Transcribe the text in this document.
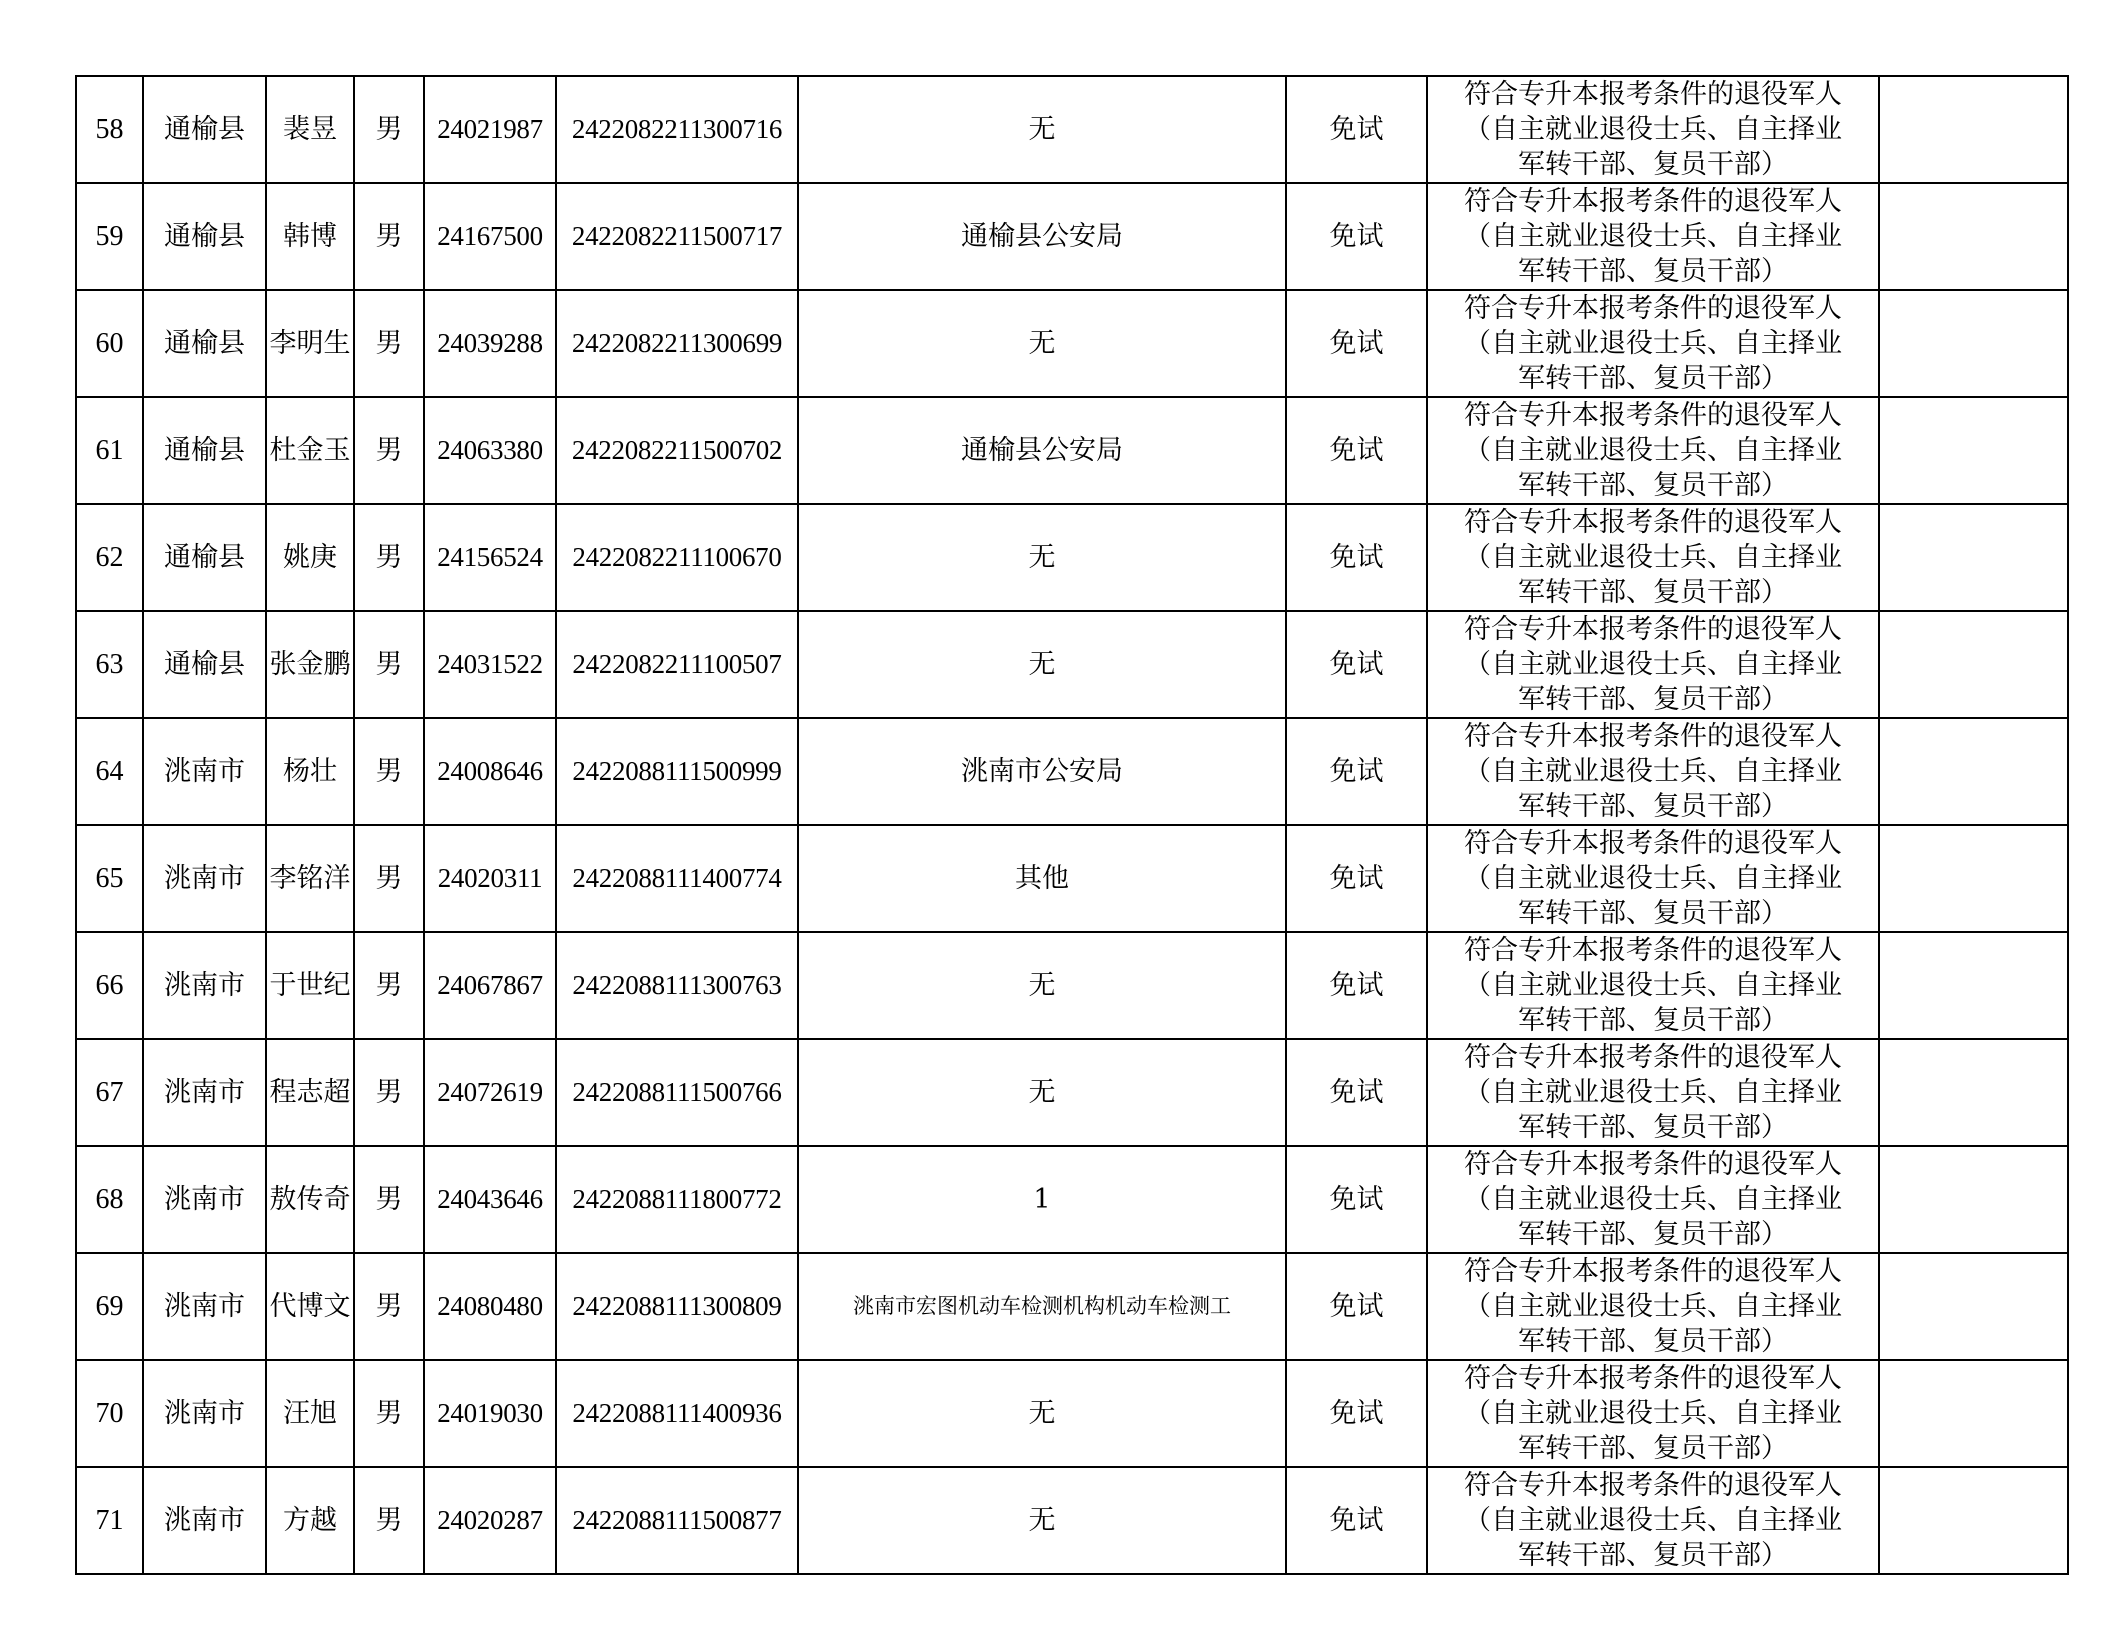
58	通榆县	裴昱	男	24021987	2422082211300716	无	免试	符合专升本报考条件的退役军人
（自主就业退役士兵、自主择业
军转干部、复员干部）	

59	通榆县	韩博	男	24167500	2422082211500717	通榆县公安局	免试	符合专升本报考条件的退役军人
（自主就业退役士兵、自主择业
军转干部、复员干部）	

60	通榆县	李明生	男	24039288	2422082211300699	无	免试	符合专升本报考条件的退役军人
（自主就业退役士兵、自主择业
军转干部、复员干部）	

61	通榆县	杜金玉	男	24063380	2422082211500702	通榆县公安局	免试	符合专升本报考条件的退役军人
（自主就业退役士兵、自主择业
军转干部、复员干部）	

62	通榆县	姚庚	男	24156524	2422082211100670	无	免试	符合专升本报考条件的退役军人
（自主就业退役士兵、自主择业
军转干部、复员干部）	

63	通榆县	张金鹏	男	24031522	2422082211100507	无	免试	符合专升本报考条件的退役军人
（自主就业退役士兵、自主择业
军转干部、复员干部）	

64	洮南市	杨壮	男	24008646	2422088111500999	洮南市公安局	免试	符合专升本报考条件的退役军人
（自主就业退役士兵、自主择业
军转干部、复员干部）	

65	洮南市	李铭洋	男	24020311	2422088111400774	其他	免试	符合专升本报考条件的退役军人
（自主就业退役士兵、自主择业
军转干部、复员干部）	

66	洮南市	于世纪	男	24067867	2422088111300763	无	免试	符合专升本报考条件的退役军人
（自主就业退役士兵、自主择业
军转干部、复员干部）	

67	洮南市	程志超	男	24072619	2422088111500766	无	免试	符合专升本报考条件的退役军人
（自主就业退役士兵、自主择业
军转干部、复员干部）	

68	洮南市	敖传奇	男	24043646	2422088111800772	1	免试	符合专升本报考条件的退役军人
（自主就业退役士兵、自主择业
军转干部、复员干部）	

69	洮南市	代博文	男	24080480	2422088111300809	洮南市宏图机动车检测机构机动车检测工	免试	符合专升本报考条件的退役军人
（自主就业退役士兵、自主择业
军转干部、复员干部）	

70	洮南市	汪旭	男	24019030	2422088111400936	无	免试	符合专升本报考条件的退役军人
（自主就业退役士兵、自主择业
军转干部、复员干部）	

71	洮南市	方越	男	24020287	2422088111500877	无	免试	符合专升本报考条件的退役军人
（自主就业退役士兵、自主择业
军转干部、复员干部）	
